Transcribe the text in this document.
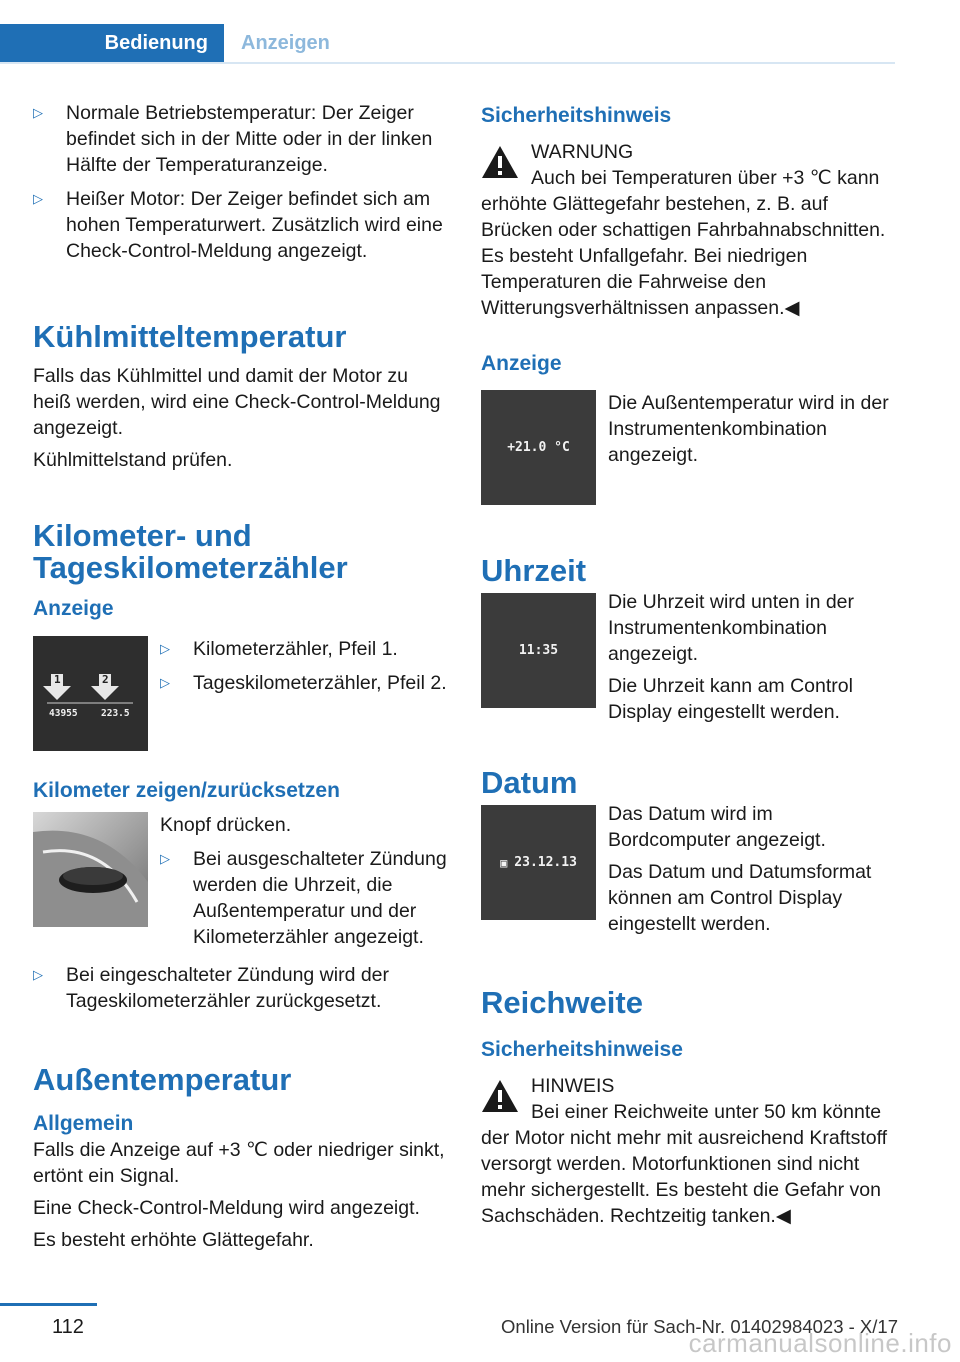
Bedienung	Anzeigen
▷	Normale Betriebstemperatur: Der Zeiger befindet sich in der Mitte oder in der linken Hälfte der Temperaturanzeige.
▷	Heißer Motor: Der Zeiger befindet sich am hohen Temperaturwert. Zusätzlich wird eine Check-Control-Meldung angezeigt.
Kühlmitteltemperatur

Falls das Kühlmittel und damit der Motor zu heiß werden, wird eine Check-Control-Meldung angezeigt.

Kühlmittelstand prüfen.

Kilometer- und Tageskilometerzähler
Anzeige
1	2
43955 223.5
▷	Kilometerzähler, Pfeil 1.
▷	Tageskilometerzähler, Pfeil 2.
Kilometer zeigen/zurücksetzen

Knopf drücken.

▷	Bei ausgeschalteter Zündung werden die Uhrzeit, die Außentemperatur und der Kilometerzähler angezeigt.
▷	Bei eingeschalteter Zündung wird der Tageskilometerzähler zurückgesetzt.
Außentemperatur
Allgemein

Falls die Anzeige auf +3 ℃ oder niedriger sinkt, ertönt ein Signal.

Eine Check-Control-Meldung wird angezeigt.

Es besteht erhöhte Glättegefahr.

Sicherheitshinweis
WARNUNG

Auch bei Temperaturen über +3 ℃ kann

erhöhte Glättegefahr bestehen, z. B. auf Brücken oder schattigen Fahrbahnabschnitten. Es besteht Unfallgefahr. Bei niedrigen Temperaturen die Fahrweise den Witterungsverhältnissen anpassen.◀

Anzeige
+21.0 °C

Die Außentemperatur wird in der Instrumentenkombination angezeigt.

Uhrzeit
11:35

Die Uhrzeit wird unten in der Instrumentenkombination angezeigt.

Die Uhrzeit kann am Control Display eingestellt werden.

Datum
▣ 23.12.13

Das Datum wird im Bordcomputer angezeigt.

Das Datum und Datumsformat können am Control Display eingestellt werden.

Reichweite
Sicherheitshinweise
HINWEIS

Bei einer Reichweite unter 50 km könnte

der Motor nicht mehr mit ausreichend Kraftstoff versorgt werden. Motorfunktionen sind nicht mehr sichergestellt. Es besteht die Gefahr von Sachschäden. Rechtzeitig tanken.◀

112	Online Version für Sach-Nr. 01402984023 - X/17
carmanualsonline.info
